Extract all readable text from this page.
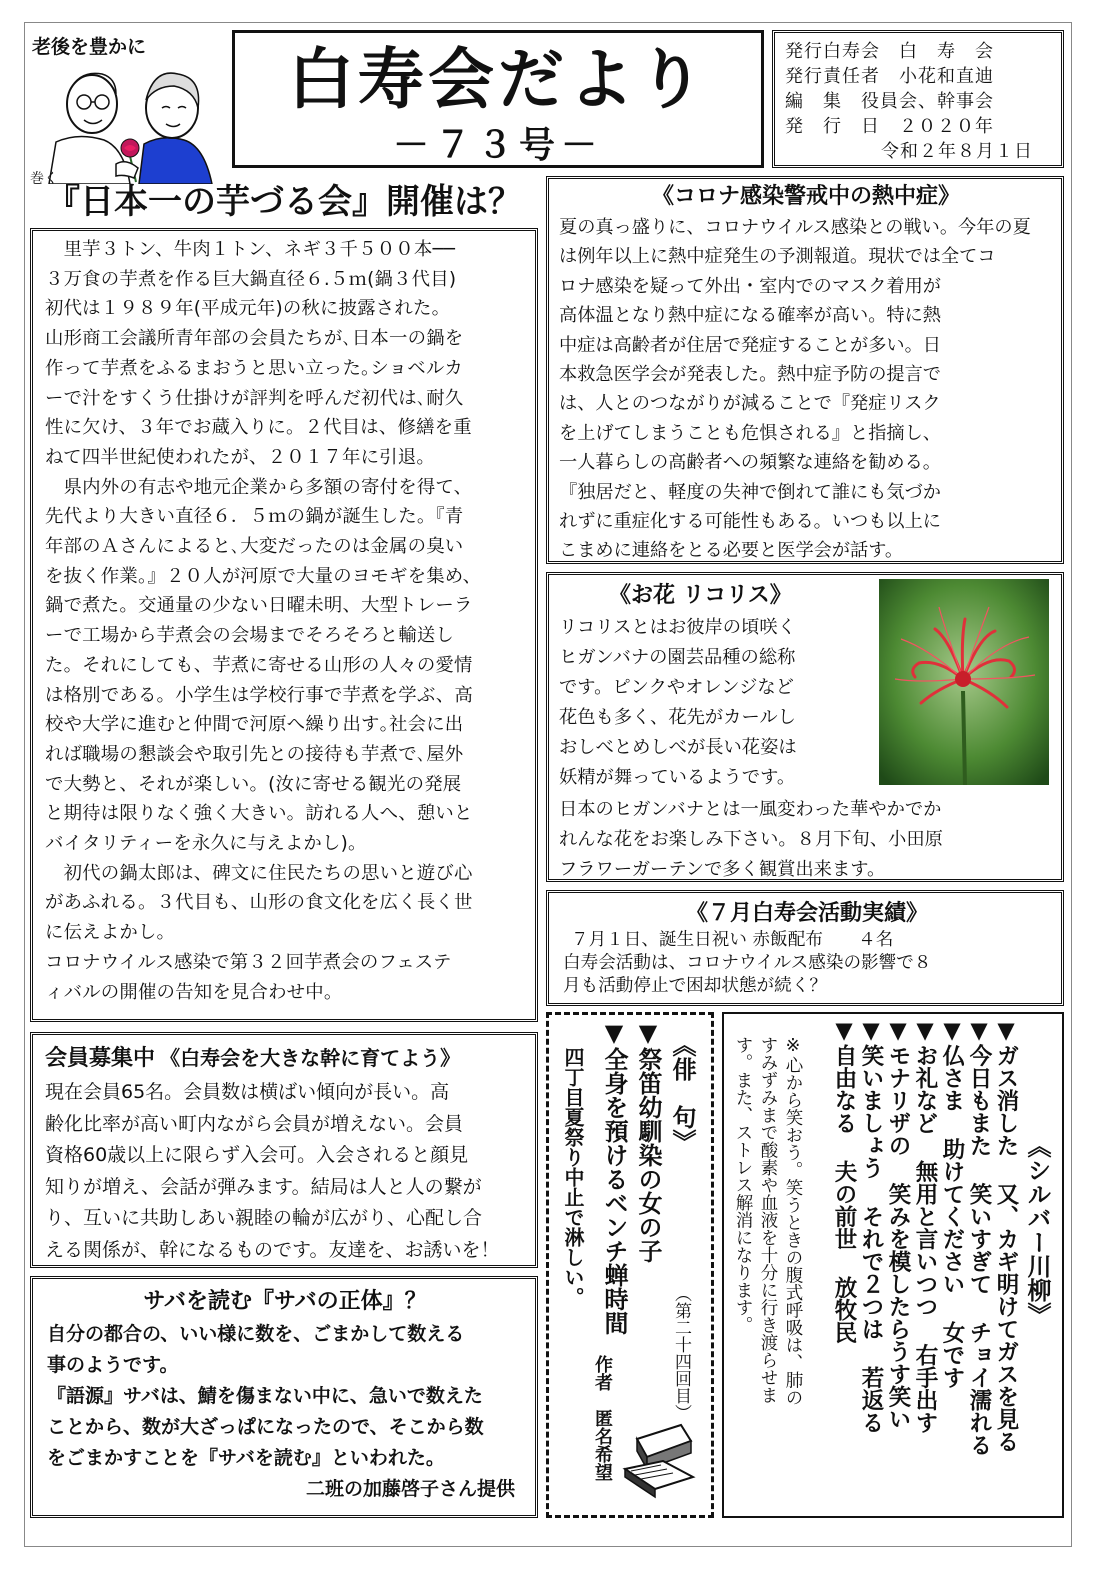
老後を豊かに
巻く
白寿会だより
－７３号－
発行白寿会　白　寿　会
発行責任者　小花和直迪
編　集　役員会、幹事会
発　行　日　２０２０年
令和２年８月１日
『日本一の芋づる会』開催は？

　里芋３トン、牛肉１トン、ネギ３千５００本──
３万食の芋煮を作る巨大鍋直径６.５ｍ(鍋３代目)
初代は１９８９年(平成元年)の秋に披露された。
山形商工会議所青年部の会員たちが､日本一の鍋を
作って芋煮をふるまおうと思い立った｡ショベルカ
ーで汁をすくう仕掛けが評判を呼んだ初代は､耐久
性に欠け、３年でお蔵入りに。２代目は、修繕を重
ねて四半世紀使われたが、２０１７年に引退。
　県内外の有志や地元企業から多額の寄付を得て、
先代より大きい直径６．５ｍの鍋が誕生した｡『青
年部のＡさんによると､大変だったのは金属の臭い
を抜く作業｡』２０人が河原で大量のヨモギを集め、
鍋で煮た。交通量の少ない日曜未明、大型トレーラ
ーで工場から芋煮会の会場までそろそろと輸送し
た。それにしても、芋煮に寄せる山形の人々の愛情
は格別である。小学生は学校行事で芋煮を学ぶ、高
校や大学に進むと仲間で河原へ繰り出す｡社会に出
れば職場の懇談会や取引先との接待も芋煮で､屋外
で大勢と、それが楽しい。(汝に寄せる観光の発展
と期待は限りなく強く大きい。訪れる人へ、憩いと
バイタリティーを永久に与えよかし)。
　初代の鍋太郎は、碑文に住民たちの思いと遊び心
があふれる。３代目も、山形の食文化を広く長く世
に伝えよかし。
コロナウイルス感染で第３２回芋煮会のフェステ
ィバルの開催の告知を見合わせ中。

《コロナ感染警戒中の熱中症》

夏の真っ盛りに、コロナウイルス感染との戦い。今年の夏
は例年以上に熱中症発生の予測報道。現状では全てコ
ロナ感染を疑って外出・室内でのマスク着用が
高体温となり熱中症になる確率が高い。特に熱
中症は高齢者が住居で発症することが多い。日
本救急医学会が発表した。熱中症予防の提言で
は、人とのつながりが減ることで『発症リスク
を上げてしまうことも危惧される』と指摘し、
一人暮らしの高齢者への頻繁な連絡を勧める。
『独居だと、軽度の失神で倒れて誰にも気づか
れずに重症化する可能性もある。いつも以上に
こまめに連絡をとる必要と医学会が話す。

《お花 リコリス》

リコリスとはお彼岸の頃咲く
ヒガンバナの園芸品種の総称
です。ピンクやオレンジなど
花色も多く、花先がカールし
おしべとめしべが長い花姿は
妖精が舞っているようです。

日本のヒガンバナとは一風変わった華やかでか
れんな花をお楽しみ下さい。８月下旬、小田原
フラワーガーテンで多く観賞出来ます。

《７月白寿会活動実績》
７月１日、誕生日祝い 赤飯配布　　４名

白寿会活動は、コロナウイルス感染の影響で８
月も活動停止で困却状態が続く？

会員募集中 《白寿会を大きな幹に育てよう》

現在会員65名。会員数は横ばい傾向が長い。高
齢化比率が高い町内ながら会員が増えない。会員
資格60歳以上に限らず入会可。入会されると顔見
知りが増え、会話が弾みます。結局は人と人の繋が
り、互いに共助しあい親睦の輪が広がり、心配し合
える関係が、幹になるものです。友達を、お誘いを！

サバを読む『サバの正体』？

自分の都合の、いい様に数を、ごまかして数える
事のようです。
『語源』サバは、鯖を傷まない中に、急いで数えた
ことから、数が大ざっぱになったので、そこから数
をごまかすことを『サバを読む』といわれた。

二班の加藤啓子さん提供
《俳　句》
（第二十四回目）
▼祭笛幼馴染の女の子
▼全身を預けるベンチ蝉時間
四丁目夏祭り中止で淋しい。
作者　匿名希望
《シルバー川柳》
▼ガス消した 又、カギ明けてガスを見る
▼今日もまた 笑いすぎて チョイ濡れる
▼仏さま 助けてください 女です
▼お礼など 無用と言いつつ 右手出す
▼モナリザの 笑みを模したらうす笑い
▼笑いましょう それで２つは 若返る
▼自由なる 夫の前世 放牧民

※心から笑おう。笑うときの腹式呼吸は、肺の
すみずみまで酸素や血液を十分に行き渡らせま
す。また、ストレス解消になります。
